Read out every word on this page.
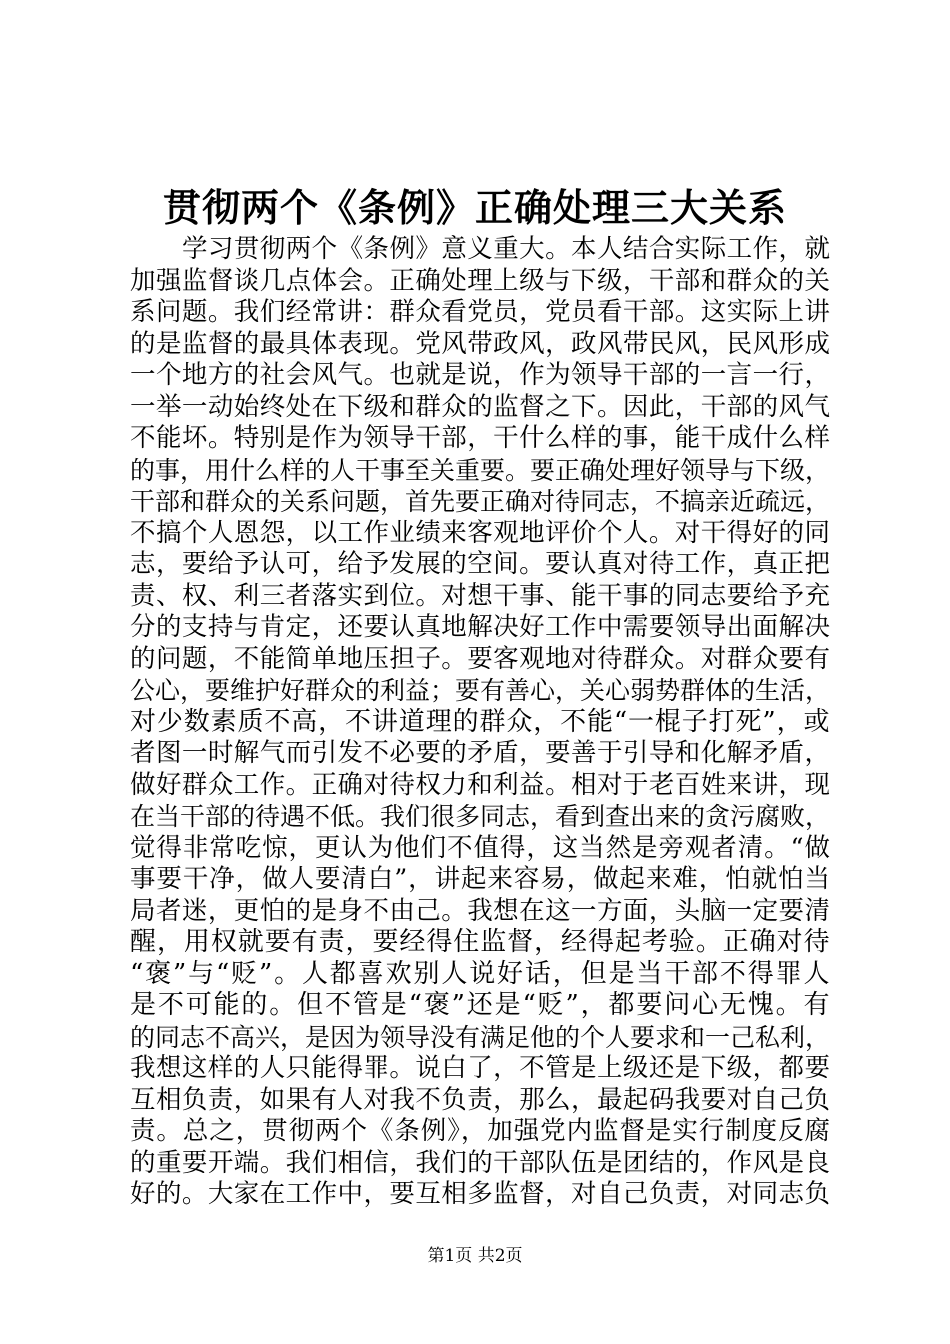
贯彻两个《条例》正确处理三大关系
学习贯彻两个《条例》意义重大。本人结合实际工作，就
加强监督谈几点体会。正确处理上级与下级，干部和群众的关
系问题。我们经常讲：群众看党员，党员看干部。这实际上讲
的是监督的最具体表现。党风带政风，政风带民风，民风形成
一个地方的社会风气。也就是说，作为领导干部的一言一行，
一举一动始终处在下级和群众的监督之下。因此，干部的风气
不能坏。特别是作为领导干部，干什么样的事，能干成什么样
的事，用什么样的人干事至关重要。要正确处理好领导与下级，
干部和群众的关系问题，首先要正确对待同志，不搞亲近疏远，
不搞个人恩怨，以工作业绩来客观地评价个人。对干得好的同
志，要给予认可，给予发展的空间。要认真对待工作，真正把
责、权、利三者落实到位。对想干事、能干事的同志要给予充
分的支持与肯定，还要认真地解决好工作中需要领导出面解决
的问题，不能简单地压担子。要客观地对待群众。对群众要有
公心，要维护好群众的利益；要有善心，关心弱势群体的生活，
对少数素质不高，不讲道理的群众，不能“一棍子打死”，或
者图一时解气而引发不必要的矛盾，要善于引导和化解矛盾，
做好群众工作。正确对待权力和利益。相对于老百姓来讲，现
在当干部的待遇不低。我们很多同志，看到查出来的贪污腐败，
觉得非常吃惊，更认为他们不值得，这当然是旁观者清。“做
事要干净，做人要清白”，讲起来容易，做起来难，怕就怕当
局者迷，更怕的是身不由己。我想在这一方面，头脑一定要清
醒，用权就要有责，要经得住监督，经得起考验。正确对待
“褒”与“贬”。人都喜欢别人说好话，但是当干部不得罪人
是不可能的。但不管是“褒”还是“贬”，都要问心无愧。有
的同志不高兴，是因为领导没有满足他的个人要求和一己私利，
我想这样的人只能得罪。说白了，不管是上级还是下级，都要
互相负责，如果有人对我不负责，那么，最起码我要对自己负
责。总之，贯彻两个《条例》，加强党内监督是实行制度反腐
的重要开端。我们相信，我们的干部队伍是团结的，作风是良
好的。大家在工作中，要互相多监督，对自己负责，对同志负
第1页 共2页
